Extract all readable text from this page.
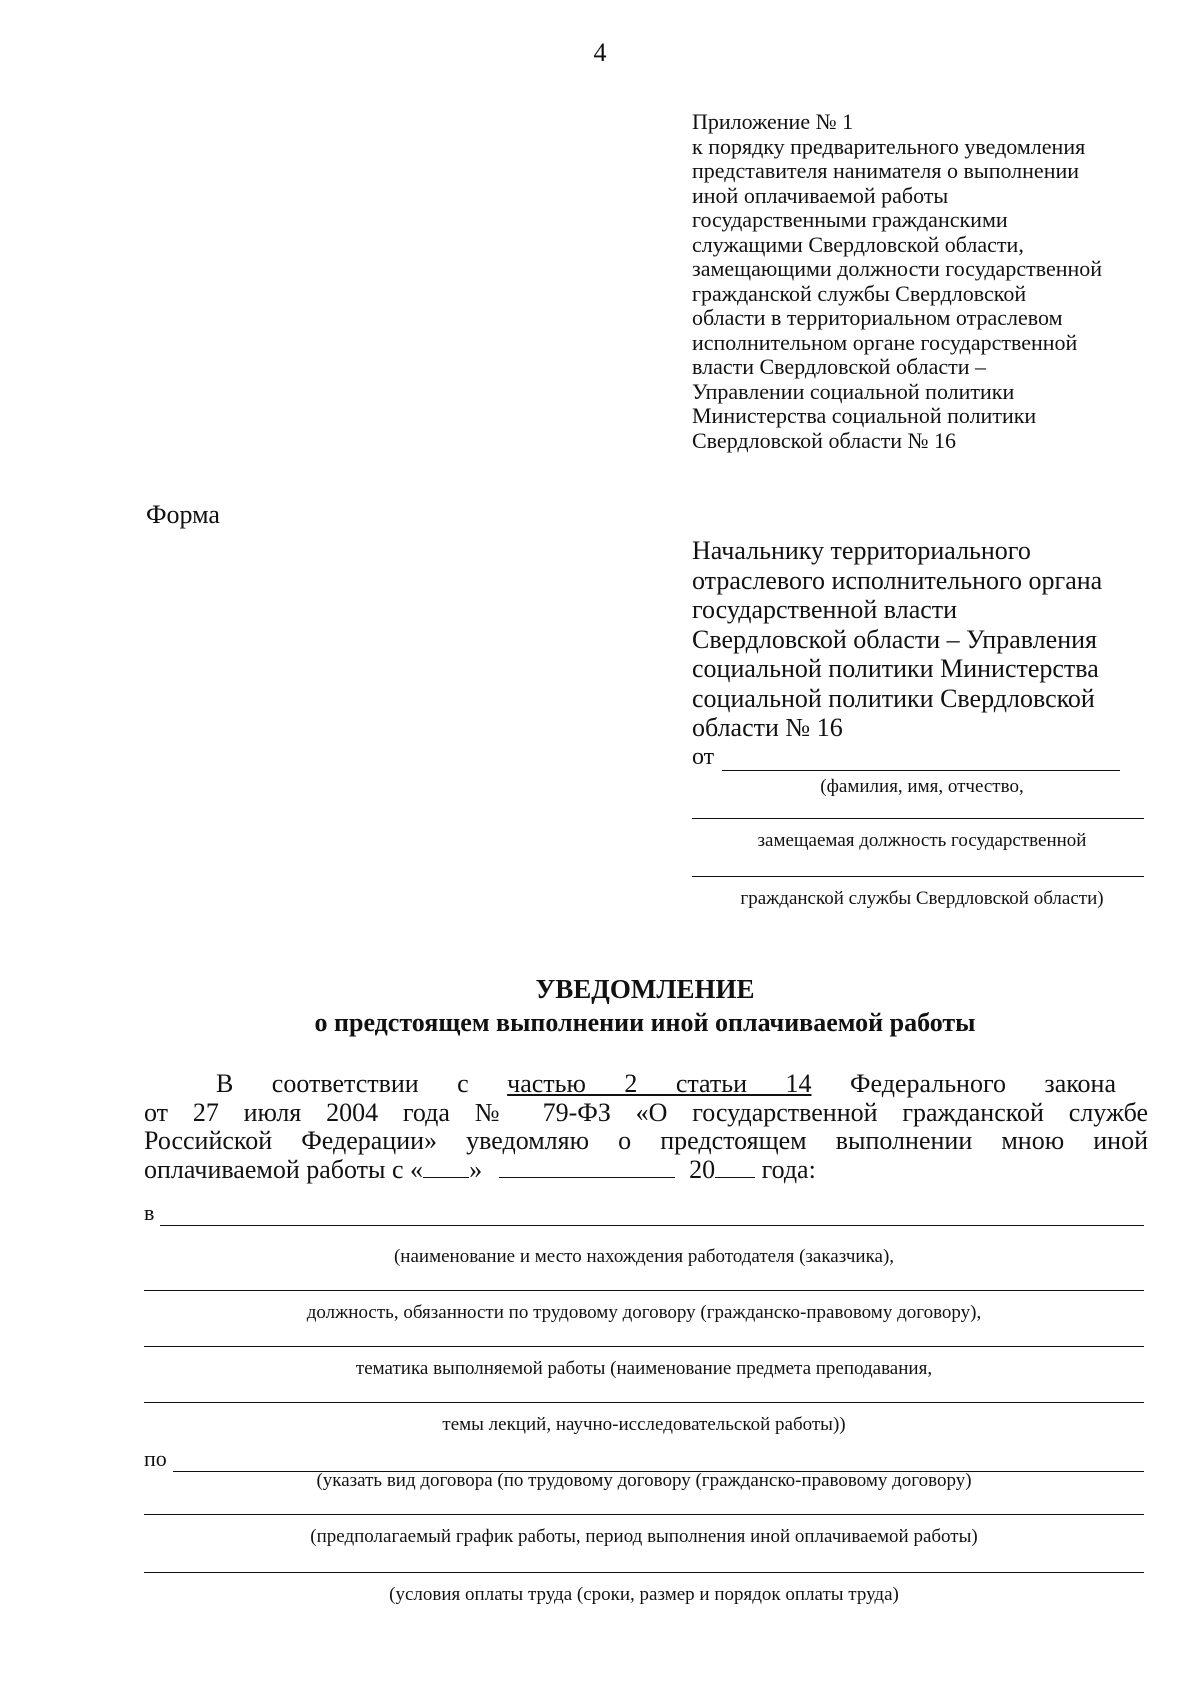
4
Приложение № 1
к порядку предварительного уведомления
представителя нанимателя о выполнении
иной оплачиваемой работы
государственными гражданскими
служащими Свердловской области,
замещающими должности государственной
гражданской службы Свердловской
области в территориальном отраслевом
исполнительном органе государственной
власти Свердловской области –
Управлении социальной политики
Министерства социальной политики
Свердловской области № 16
Форма
Начальнику территориального
отраслевого исполнительного органа
государственной власти
Свердловской области – Управления
социальной политики Министерства
социальной политики Свердловской
области № 16
от
(фамилия, имя, отчество,
замещаемая должность государственной
гражданской службы Свердловской области)
УВЕДОМЛЕНИЕ
о предстоящем выполнении иной оплачиваемой работы
В соответствии с частью 2 статьи 14 Федерального закона
от 27 июля 2004 года № 79-ФЗ «О государственной гражданской службе
Российской Федерации» уведомляю о предстоящем выполнении мною иной
оплачиваемой работы с « »	20 года:
в
(наименование и место нахождения работодателя (заказчика),
должность, обязанности по трудовому договору (гражданско-правовому договору),
тематика выполняемой работы (наименование предмета преподавания,
темы лекций, научно-исследовательской работы))
по
(указать вид договора (по трудовому договору (гражданско-правовому договору)
(предполагаемый график работы, период выполнения иной оплачиваемой работы)
(условия оплаты труда (сроки, размер и порядок оплаты труда)
